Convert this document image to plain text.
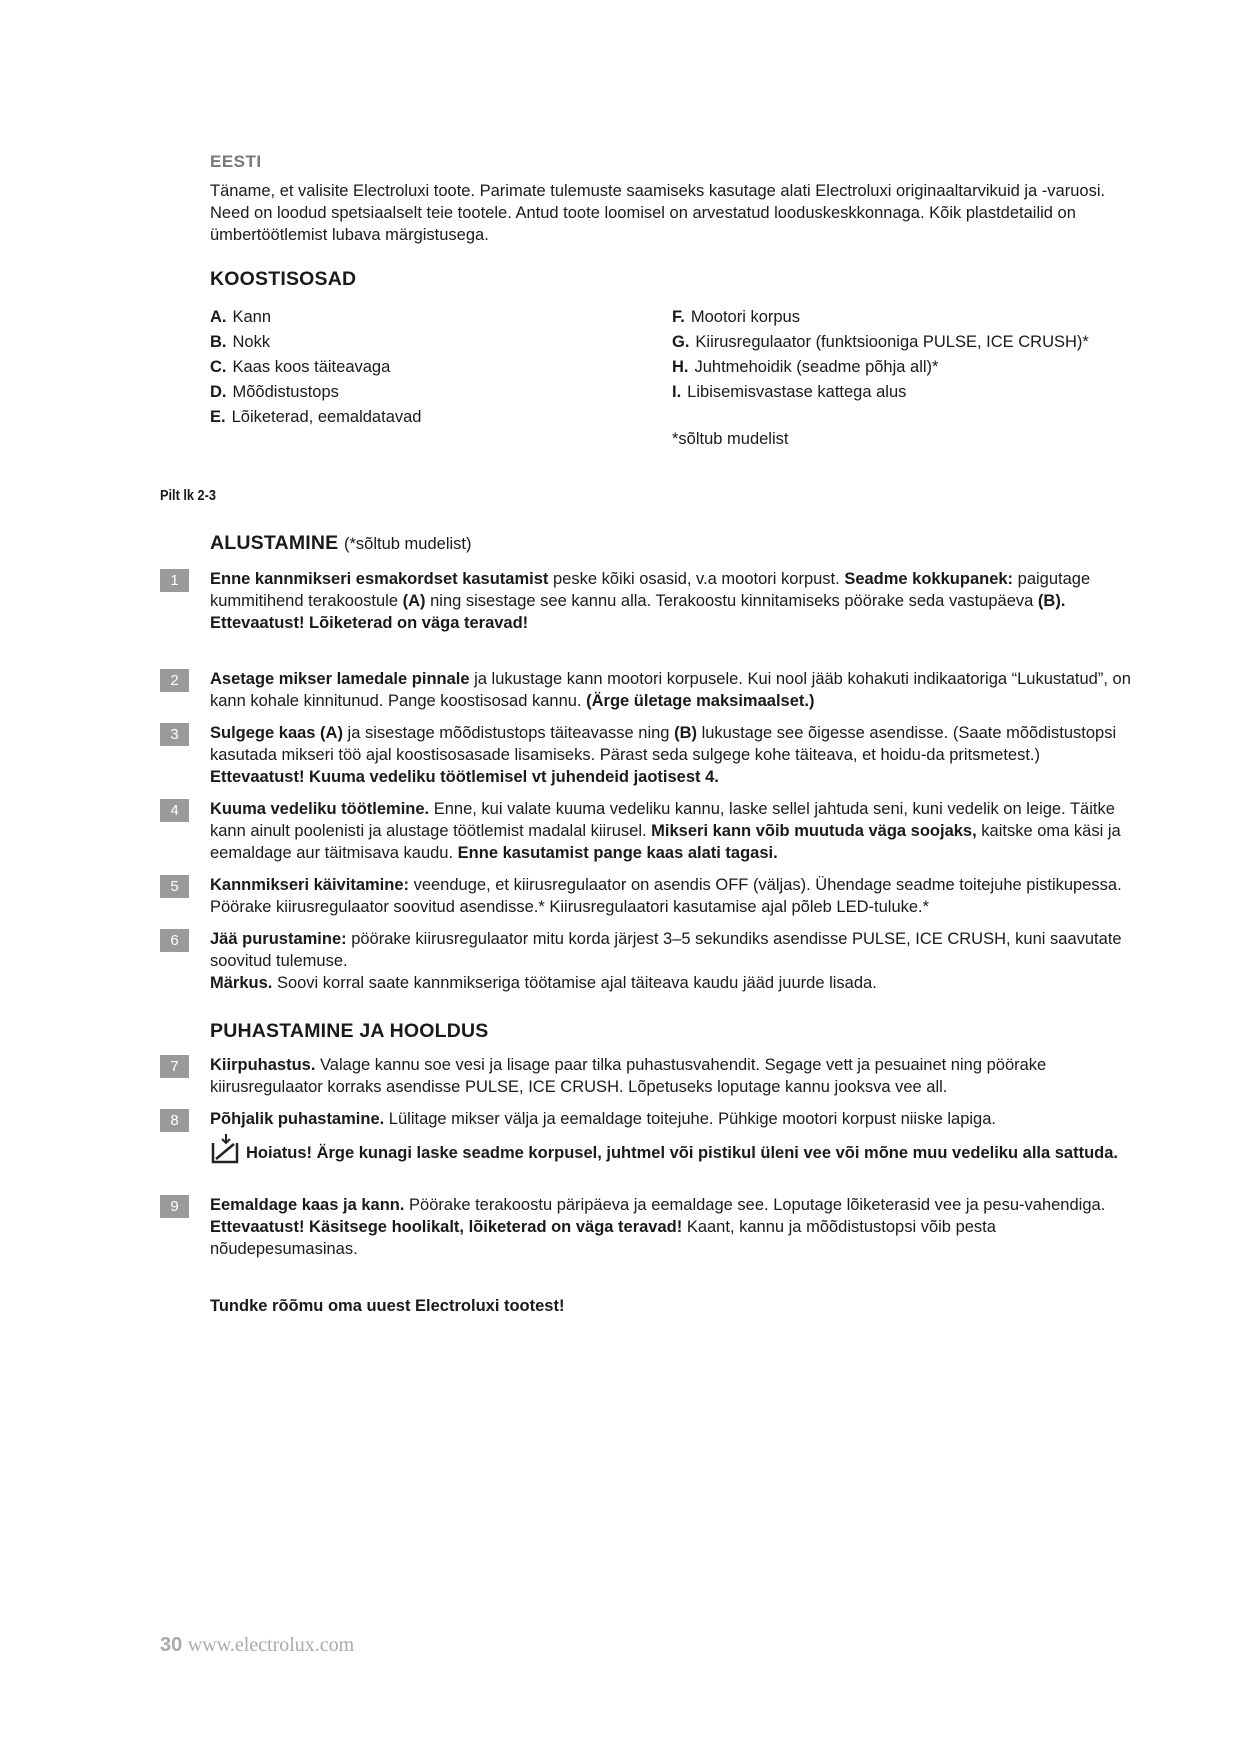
EESTI
Täname, et valisite Electroluxi toote. Parimate tulemuste saamiseks kasutage alati Electroluxi originaaltarvikuid ja -varuosi. Need on loodud spetsiaalselt teie tootele. Antud toote loomisel on arvestatud looduskeskkonnaga. Kõik plastdetailid on ümbertöötlemist lubava märgistusega.
KOOSTISOSAD
A. Kann
B. Nokk
C. Kaas koos täiteavaga
D. Mõõdistustops
E. Lõiketerad, eemaldatavad
F. Mootori korpus
G. Kiirusregulaator (funktsiooniga PULSE, ICE CRUSH)*
H. Juhtmehoidik (seadme põhja all)*
I. Libisemisvastase kattega alus
*sõltub mudelist
Pilt lk 2-3
ALUSTAMINE (*sõltub mudelist)
1	Enne kannmikseri esmakordset kasutamist peske kõiki osasid, v.a mootori korpust. Seadme kokkupanek: paigutage kummitihend terakoostule (A) ning sisestage see kannu alla. Terakoostu kinnitamiseks pöörake seda vastupäeva (B).
Ettevaatust! Lõiketerad on väga teravad!
2	Asetage mikser lamedale pinnale ja lukustage kann mootori korpusele. Kui nool jääb kohakuti indikaatoriga “Lukustatud”, on kann kohale kinnitunud. Pange koostisosad kannu. (Ärge ületage maksimaalset.)
3	Sulgege kaas (A) ja sisestage mõõdistustops täiteavasse ning (B) lukustage see õigesse asendisse. (Saate mõõdistustopsi kasutada mikseri töö ajal koostisosasade lisamiseks. Pärast seda sulgege kohe täiteava, et hoidu-da pritsmetest.) Ettevaatust! Kuuma vedeliku töötlemisel vt juhendeid jaotisest 4.
4	Kuuma vedeliku töötlemine. Enne, kui valate kuuma vedeliku kannu, laske sellel jahtuda seni, kuni vedelik on leige. Täitke kann ainult poolenisti ja alustage töötlemist madalal kiirusel. Mikseri kann võib muutuda väga soojaks, kaitske oma käsi ja eemaldage aur täitmisava kaudu. Enne kasutamist pange kaas alati tagasi.
5	Kannmikseri käivitamine: veenduge, et kiirusregulaator on asendis OFF (väljas). Ühendage seadme toitejuhe pistikupessa. Pöörake kiirusregulaator soovitud asendisse.* Kiirusregulaatori kasutamise ajal põleb LED-tuluke.*
6	Jää purustamine: pöörake kiirusregulaator mitu korda järjest 3–5 sekundiks asendisse PULSE, ICE CRUSH, kuni saavutate soovitud tulemuse.
Märkus. Soovi korral saate kannmikseriga töötamise ajal täiteava kaudu jääd juurde lisada.
PUHASTAMINE JA HOOLDUS
7	Kiirpuhastus. Valage kannu soe vesi ja lisage paar tilka puhastusvahendit. Segage vett ja pesuainet ning pöörake kiirusregulaator korraks asendisse PULSE, ICE CRUSH. Lõpetuseks loputage kannu jooksva vee all.
8	Põhjalik puhastamine. Lülitage mikser välja ja eemaldage toitejuhe. Pühkige mootori korpust niiske lapiga.
Hoiatus! Ärge kunagi laske seadme korpusel, juhtmel või pistikul üleni vee või mõne muu vedeliku alla sattuda.
9	Eemaldage kaas ja kann. Pöörake terakoostu päripäeva ja eemaldage see. Loputage lõiketerasid vee ja pesu-vahendiga. Ettevaatust! Käsitsege hoolikalt, lõiketerad on väga teravad! Kaant, kannu ja mõõdistustopsi võib pesta nõudepesumasinas.
Tundke rõõmu oma uuest Electroluxi tootest!
30 www.electrolux.com
